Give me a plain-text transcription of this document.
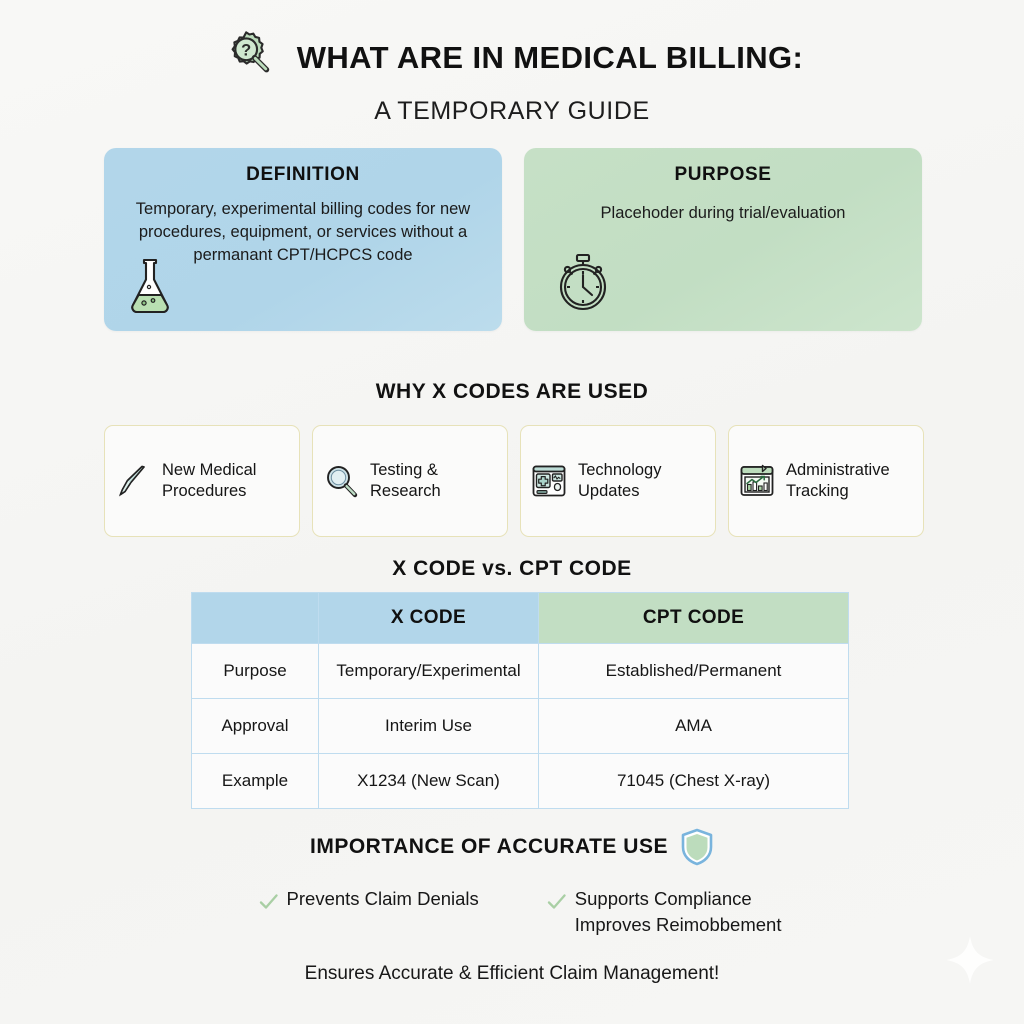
? WHAT ARE IN MEDICAL BILLING:
A TEMPORARY GUIDE
DEFINITION
Temporary, experimental billing codes for new procedures, equipment, or services without a permanant CPT/HCPCS code
PURPOSE
Placehoder during trial/evaluation
WHY X CODES ARE USED
New Medical Procedures
Testing & Research
Technology Updates
Administrative Tracking
X CODE vs. CPT CODE
	X CODE	CPT CODE
Purpose	Temporary/Experimental	Established/Permanent
Approval	Interim Use	AMA
Example	X1234 (New Scan)	71045 (Chest X-ray)
IMPORTANCE OF ACCURATE USE
Prevents Claim Denials	Supports Compliance
Improves Reimobbement
Ensures Accurate & Efficient Claim Management!
